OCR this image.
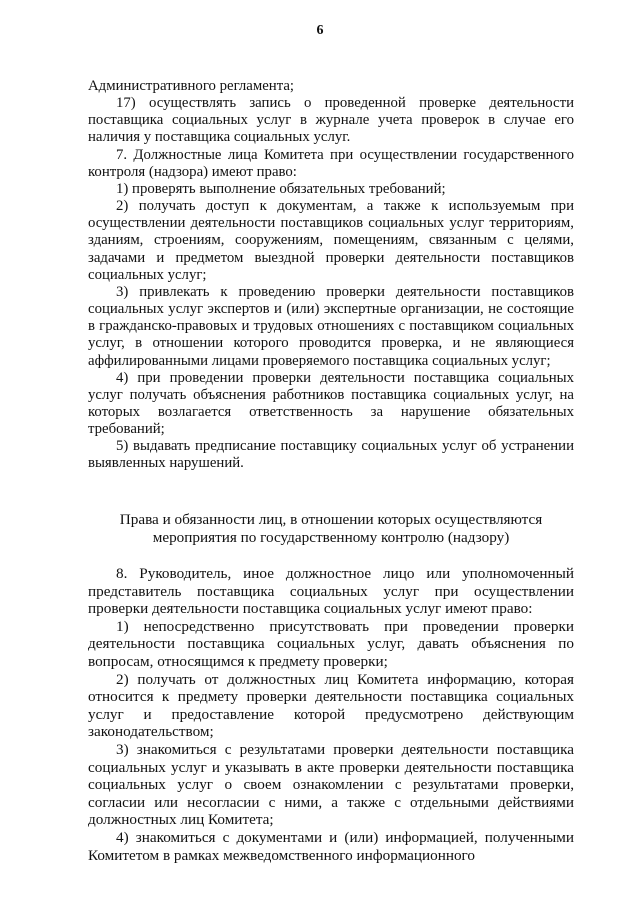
6

Административного регламента;

17) осуществлять запись о проведенной проверке деятельности поставщика социальных услуг в журнале учета проверок в случае его наличия у поставщика социальных услуг.

7. Должностные лица Комитета при осуществлении государственного контроля (надзора) имеют право:

1) проверять выполнение обязательных требований;

2) получать доступ к документам, а также к используемым при осуществлении деятельности поставщиков социальных услуг территориям, зданиям, строениям, сооружениям, помещениям, связанным с целями, задачами и предметом выездной проверки деятельности поставщиков социальных услуг;

3) привлекать к проведению проверки деятельности поставщиков социальных услуг экспертов и (или) экспертные организации, не состоящие в гражданско-правовых и трудовых отношениях с поставщиком социальных услуг, в отношении которого проводится проверка, и не являющиеся аффилированными лицами проверяемого поставщика социальных услуг;

4) при проведении проверки деятельности поставщика социальных услуг получать объяснения работников поставщика социальных услуг, на которых возлагается ответственность за нарушение обязательных требований;

5) выдавать предписание поставщику социальных услуг об устранении выявленных нарушений.

Права и обязанности лиц, в отношении которых осуществляются
мероприятия по государственному контролю (надзору)

8. Руководитель, иное должностное лицо или уполномоченный представитель поставщика социальных услуг при осуществлении проверки деятельности поставщика социальных услуг имеют право:

1) непосредственно присутствовать при проведении проверки деятельности поставщика социальных услуг, давать объяснения по вопросам, относящимся к предмету проверки;

2) получать от должностных лиц Комитета информацию, которая относится к предмету проверки деятельности поставщика социальных услуг и предоставление которой предусмотрено действующим законодательством;

3) знакомиться с результатами проверки деятельности поставщика социальных услуг и указывать в акте проверки деятельности поставщика социальных услуг о своем ознакомлении с результатами проверки, согласии или несогласии с ними, а также с отдельными действиями должностных лиц Комитета;

4) знакомиться с документами и (или) информацией, полученными Комитетом в рамках межведомственного информационного
